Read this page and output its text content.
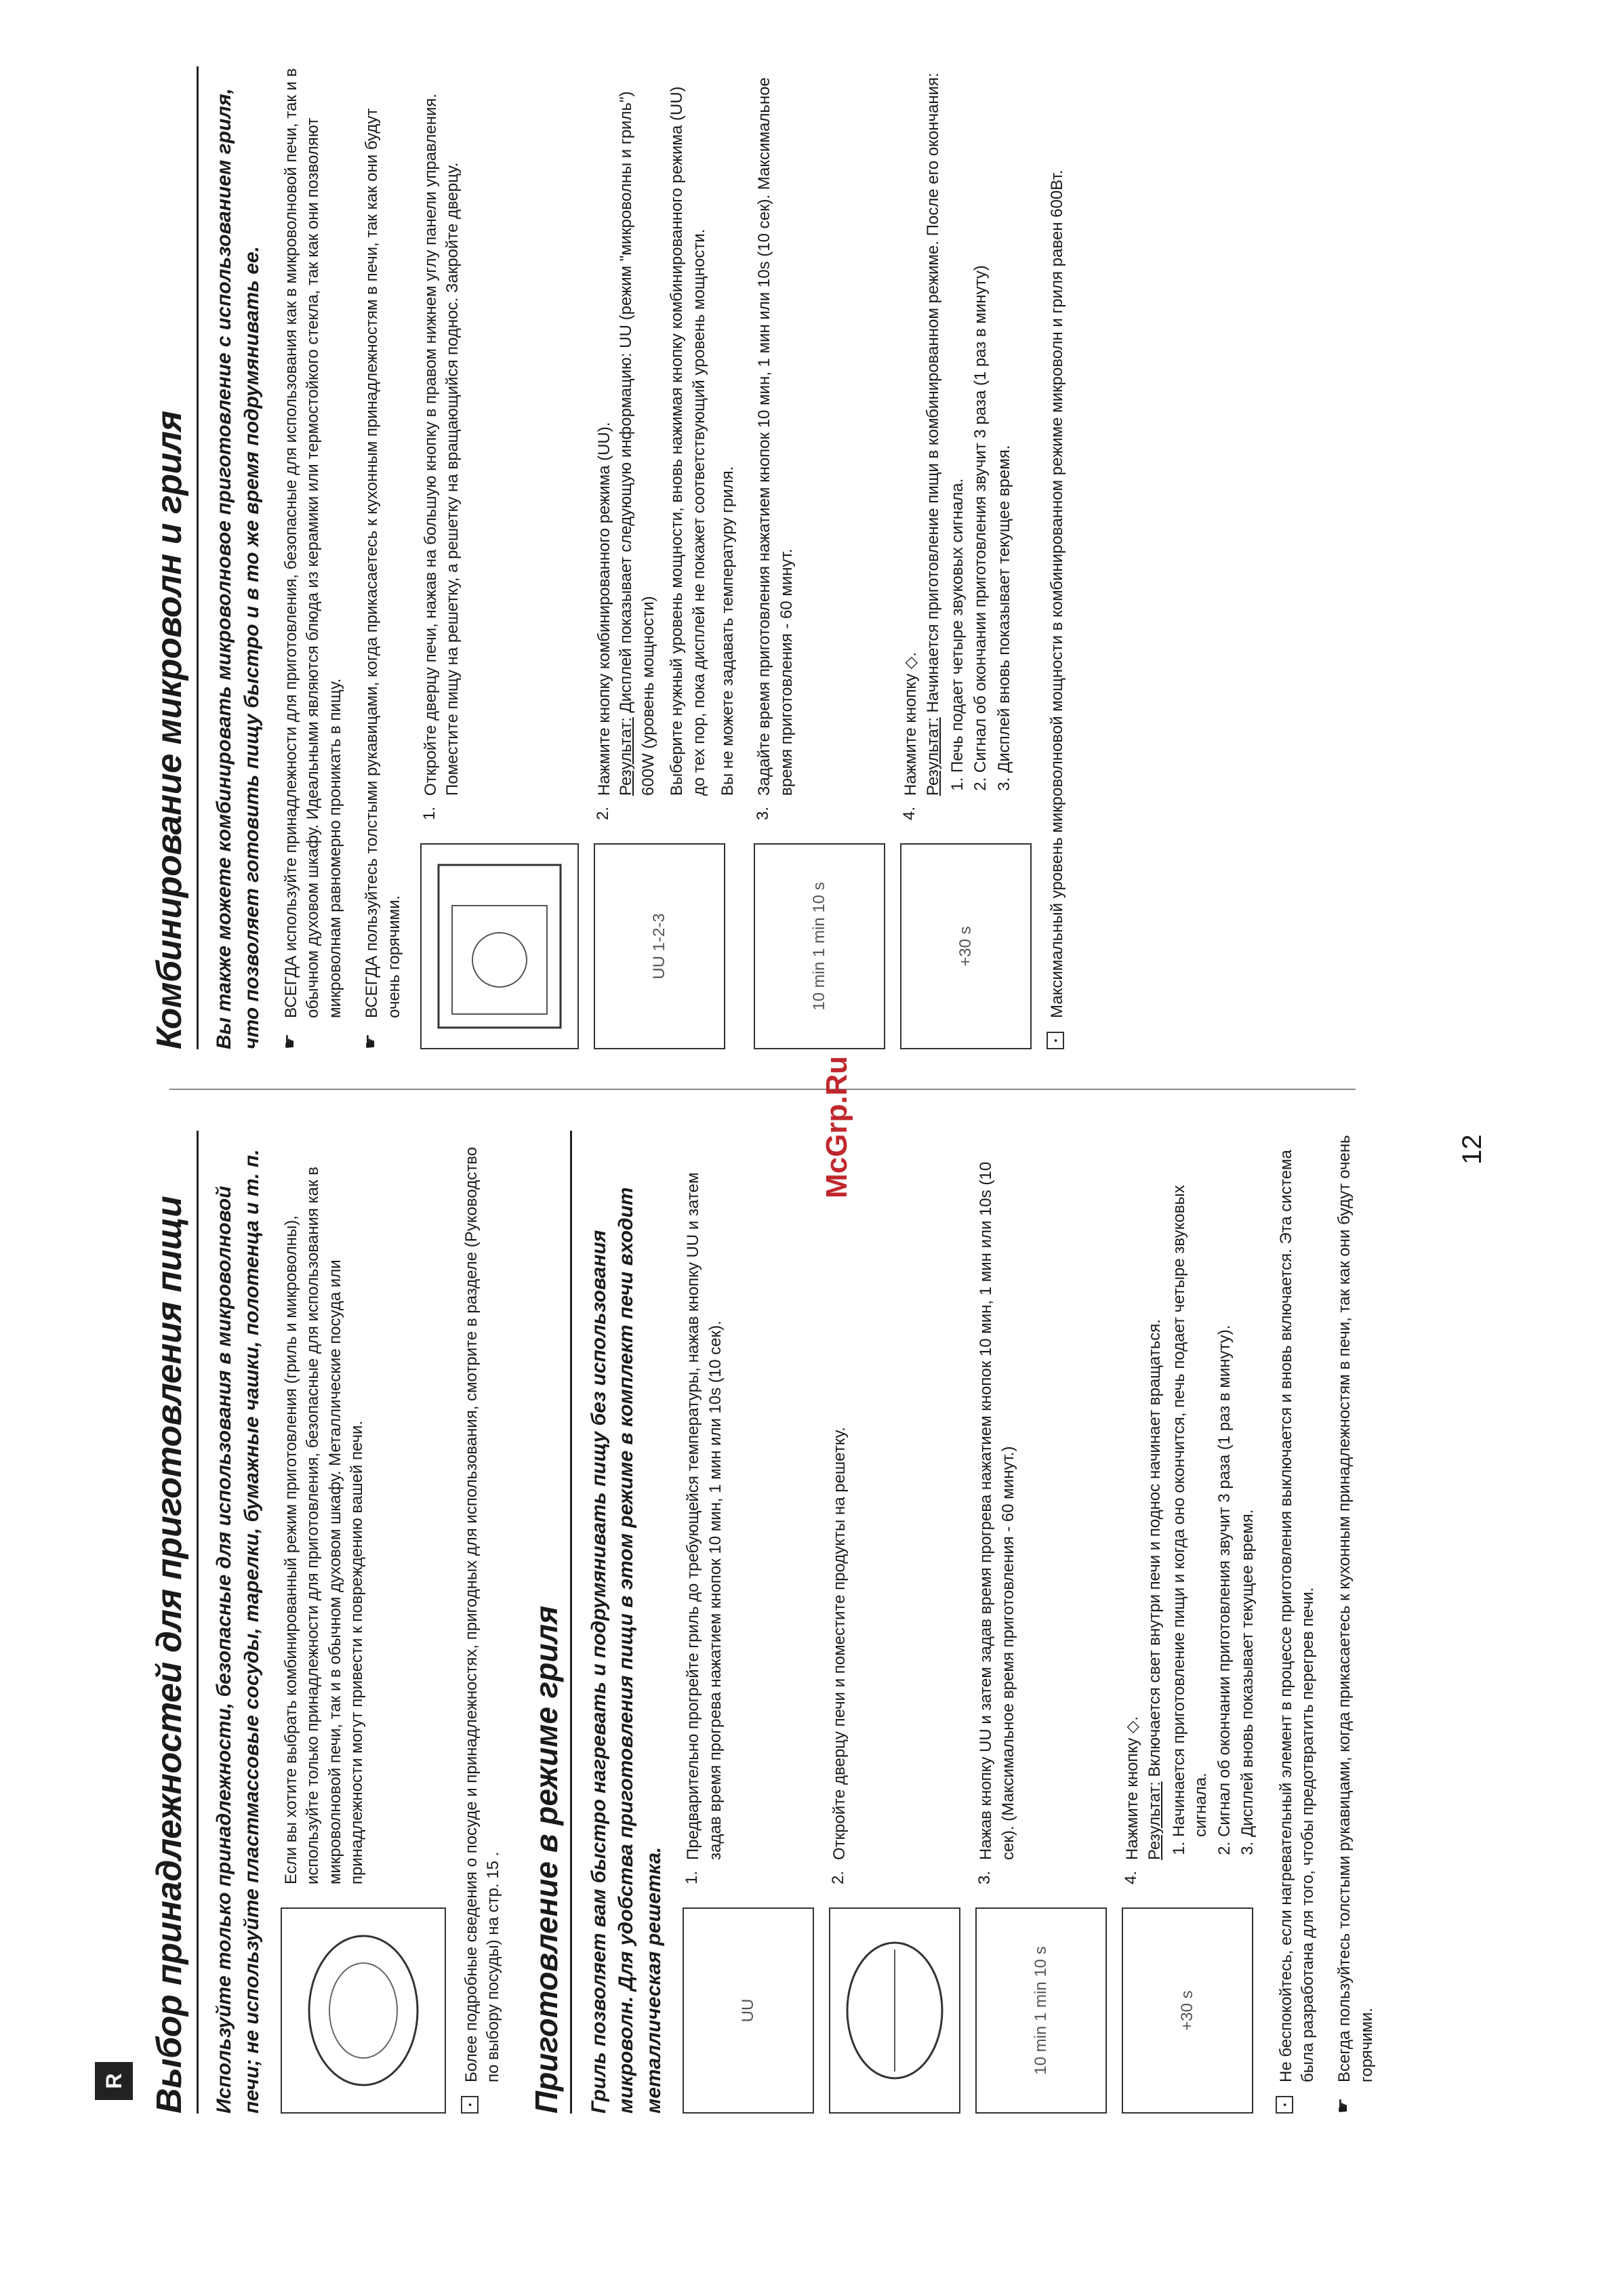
R
McGrp.Ru	12
Выбор принадлежностей для приготовления пищи	Используйте только принадлежности, безопасные для использования в микроволновой печи; не используйте пластмассовые сосуды, тарелки, бумажные чашки, полотенца и т. п. Если вы хотите выбрать комбинированный режим приготовления (гриль и микроволны), используйте только принадлежности для приготовления, безопасные для использования как в микроволновой печи, так и в обычном духовом шкафу. Металлические посуда или принадлежности могут привести к повреждению вашей печи.
•
Более подробные сведения о посуде и принадлежностях, пригодных для использования, смотрите в разделе (Руководство по выбору посуды) на стр. 15 . Приготовление в режиме гриля	Гриль позволяет вам быстро нагревать и подрумянивать пищу без использования микроволн. Для удобства приготовления пищи в этом режиме в комплект печи входит металлическая решетка.	UU
1.
Предварительно прогрейте гриль до требующейся температуры, нажав кнопку UU и затем задав время прогрева нажатием кнопок 10 мин, 1 мин или 10s (10 сек).
2.
Откройте дверцу печи и поместите продукты на решетку.
10 min 1 min 10 s
3.
Нажав кнопку UU и затем задав время прогрева нажатием кнопок 10 мин, 1 мин или 10s (10 сек). (Максимальное время приготовления - 60 минут.)
+30 s
4.
Нажмите кнопку ◇. Результат: Включается свет внутри печи и поднос начинает вращаться. 1. Начинается приготовление пищи и когда оно окончится, печь подает четыре звуковых сигнала. 2. Сигнал об окончании приготовления звучит 3 раза (1 раз в минуту). 3. Дисплей вновь показывает текущее время.
•
Не беспокойтесь, если нагревательный элемент в процессе приготовления выключается и вновь включается. Эта система была разработана для того, чтобы предотвратить перегрев печи.
☛
Всегда пользуйтесь толстыми рукавицами, когда прикасаетесь к кухонным принадлежностям в печи, так как они будут очень горячими.
Комбинирование микроволн и гриля	Вы также можете комбинировать микроволновое приготовление с использованием гриля, что позволяет готовить пищу быстро и в то же время подрумянивать ее. ☛
ВСЕГДА используйте принадлежности для приготовления, безопасные для использования как в микроволновой печи, так и в обычном духовом шкафу. Идеальными являются блюда из керамики или термостойкого стекла, так как они позволяют микроволнам равномерно проникать в пищу.
☛
ВСЕГДА пользуйтесь толстыми рукавицами, когда прикасаетесь к кухонным принадлежностям в печи, так как они будут очень горячими.
1.
Откройте дверцу печи, нажав на большую кнопку в правом нижнем углу панели управления. Поместите пищу на решетку, а решетку на вращающийся поднос. Закройте дверцу.
UU 1-2-3
2.
Нажмите кнопку комбинированного режима (UU). Результат: Дисплей показывает следующую информацию: UU (режим "микроволны и гриль") 600W (уровень мощности) Выберите нужный уровень мощности, вновь нажимая кнопку комбинированного режима (UU) до тех пор, пока дисплей не покажет соответствующий уровень мощности. Вы не можете задавать температуру гриля.
10 min 1 min 10 s
3.
Задайте время приготовления нажатием кнопок 10 мин, 1 мин или 10s (10 сек). Максимальное время приготовления - 60 минут.
+30 s
4.
Нажмите кнопку ◇. Результат: Начинается приготовление пищи в комбинированном режиме. После его окончания: 1. Печь подает четыре звуковых сигнала. 2. Сигнал об окончании приготовления звучит 3 раза (1 раз в минуту) 3. Дисплей вновь показывает текущее время.
•
Максимальный уровень микроволновой мощности в комбинированном режиме микроволн и гриля равен 600Вт.
